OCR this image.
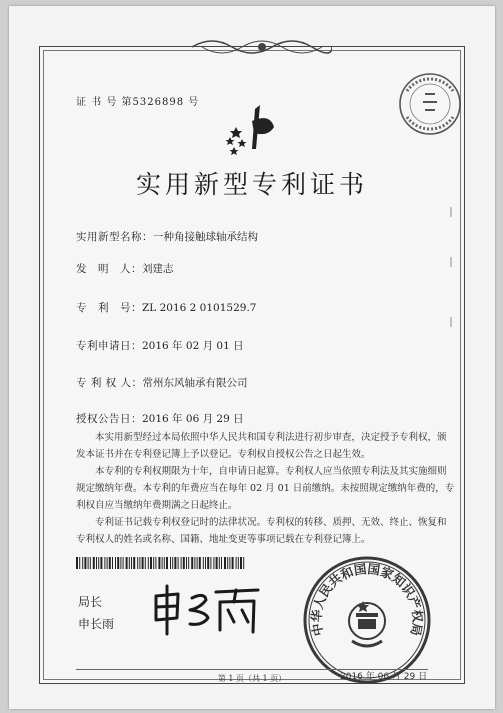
证 书 号 第5326898 号
实用新型专利证书
实用新型名称：一种角接触球轴承结构
发　明　人：刘建志
专　利　号：ZL 2016 2 0101529.7
专利申请日：2016 年 02 月 01 日
专 利 权 人：常州东风轴承有限公司
授权公告日：2016 年 06 月 29 日

本实用新型经过本局依照中华人民共和国专利法进行初步审查，决定授予专利权，颁

发本证书并在专利登记簿上予以登记。专利权自授权公告之日起生效。

本专利的专利权期限为十年，自申请日起算。专利权人应当依照专利法及其实施细则

规定缴纳年费。本专利的年费应当在每年 02 月 01 日前缴纳。未按照规定缴纳年费的，专

利权自应当缴纳年费期满之日起终止。

专利证书记载专利权登记时的法律状况。专利权的转移、质押、无效、终止、恢复和

专利权人的姓名或名称、国籍、地址变更等事项记载在专利登记簿上。

局长
申长雨	中华人民共和国国家知识产权局
2016 年 06 月 29 日
第 1 页（共 1 页）
